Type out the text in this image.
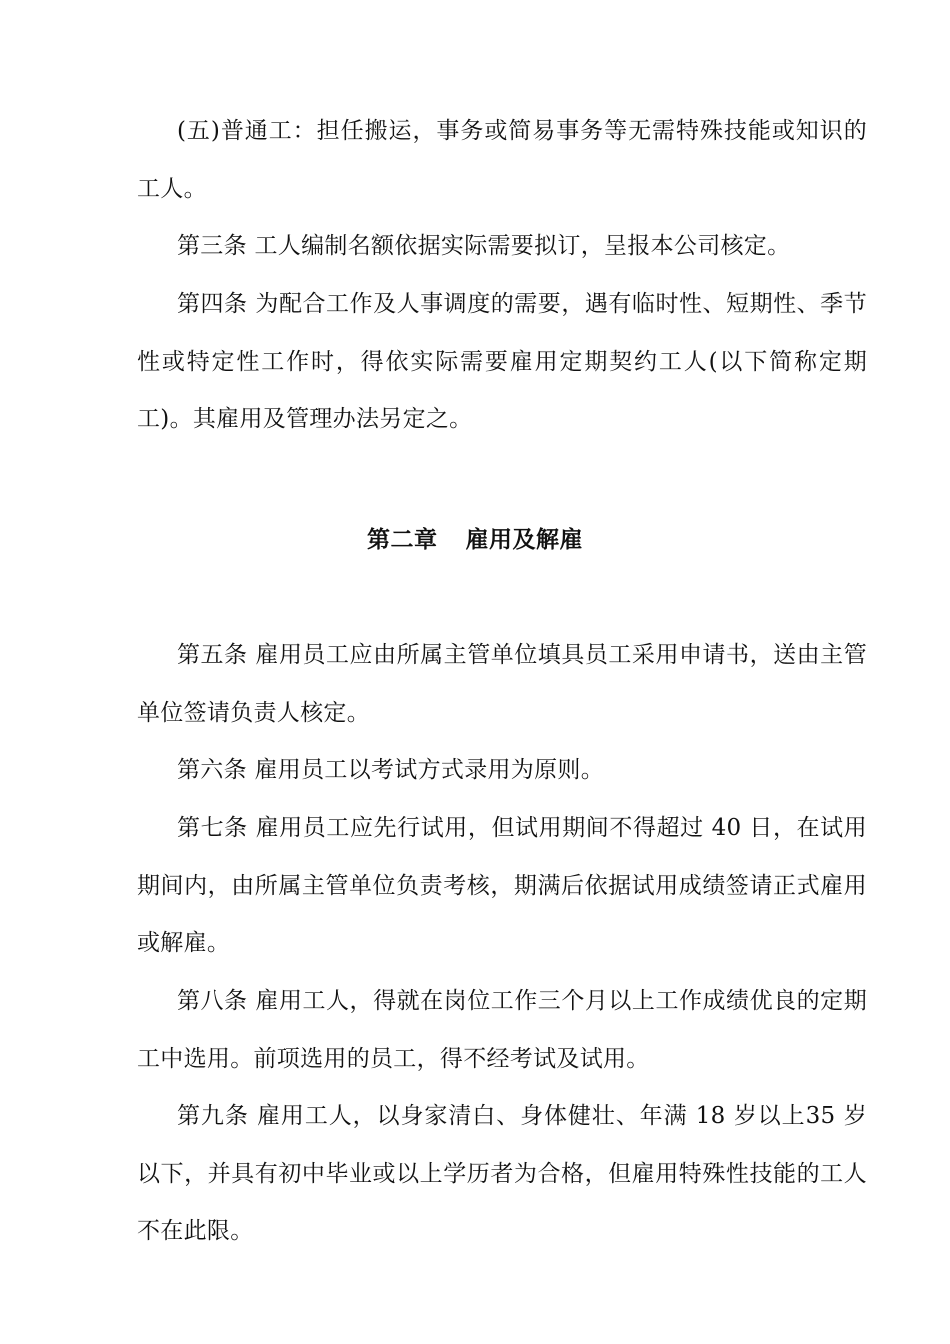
(五)普通工：担任搬运，事务或简易事务等无需特殊技能或知识的工人。

第三条 工人编制名额依据实际需要拟订，呈报本公司核定。

第四条 为配合工作及人事调度的需要，遇有临时性、短期性、季节性或特定性工作时，得依实际需要雇用定期契约工人(以下简称定期工)。其雇用及管理办法另定之。

第二章 雇用及解雇

第五条 雇用员工应由所属主管单位填具员工采用申请书，送由主管单位签请负责人核定。

第六条 雇用员工以考试方式录用为原则。

第七条 雇用员工应先行试用，但试用期间不得超过 40 日，在试用期间内，由所属主管单位负责考核，期满后依据试用成绩签请正式雇用或解雇。

第八条 雇用工人，得就在岗位工作三个月以上工作成绩优良的定期工中选用。前项选用的员工，得不经考试及试用。

第九条 雇用工人，以身家清白、身体健壮、年满 18 岁以上35 岁以下，并具有初中毕业或以上学历者为合格，但雇用特殊性技能的工人不在此限。
